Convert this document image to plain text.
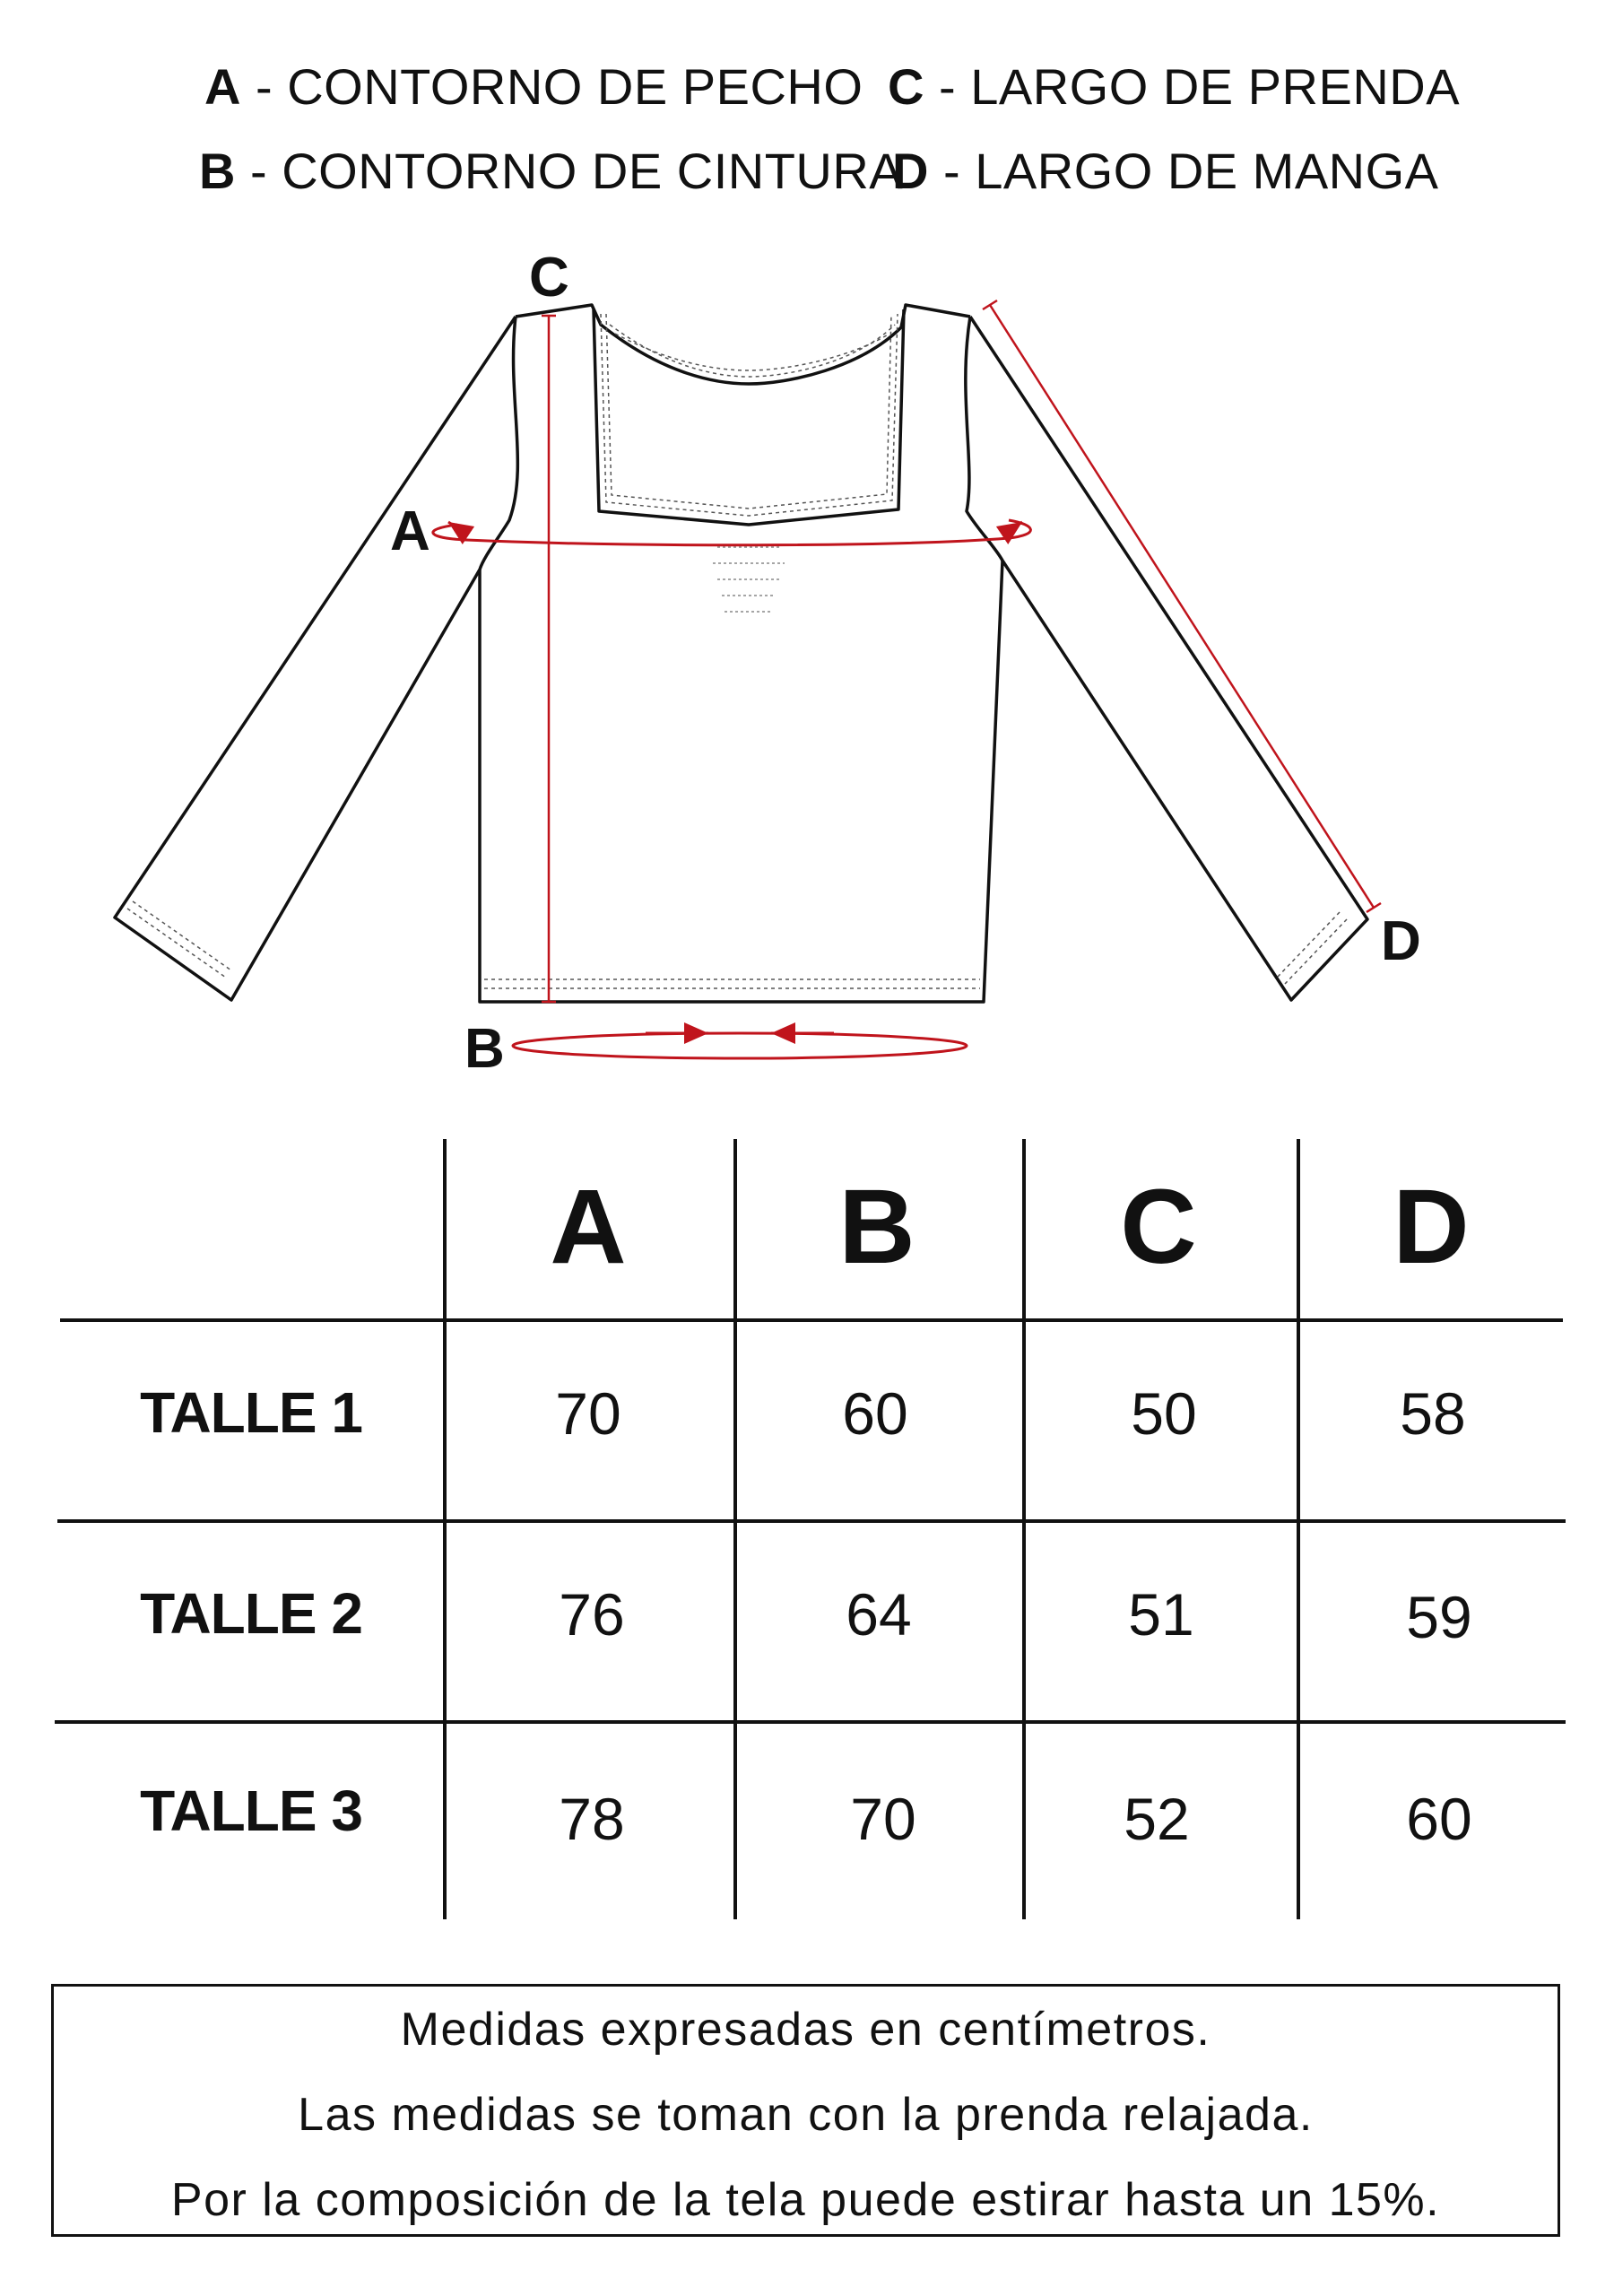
A - CONTORNO DE PECHO
B - CONTORNO DE CINTURA
C - LARGO DE PRENDA
D - LARGO DE MANGA
C
A
D
B
A	B	C	D
TALLE 1	70	60	50	58
TALLE 2	76	64	51	59
TALLE 3	78	70	52	60
Medidas expresadas en centímetros.
Las medidas se toman con la prenda relajada.
Por la composición de la tela puede estirar hasta un 15%.
